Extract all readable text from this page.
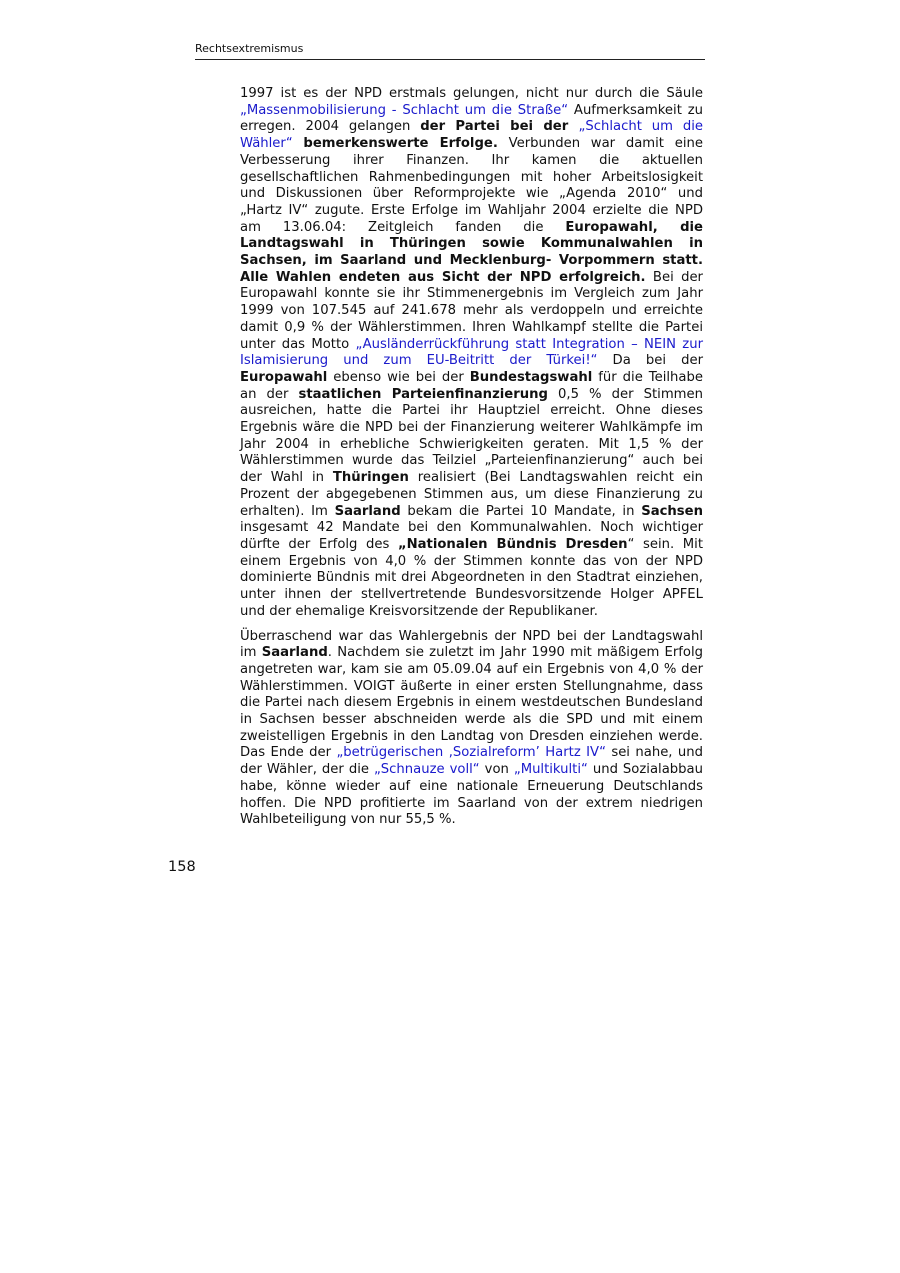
Rechtsextremismus

1997 ist es der NPD erstmals gelungen, nicht nur durch die Säule „Massenmobilisierung - Schlacht um die Straße“ Aufmerksamkeit zu erregen. 2004 gelangen der Partei bei der „Schlacht um die Wähler“ bemerkenswerte Erfolge. Verbunden war damit eine Verbesserung ihrer Finanzen. Ihr kamen die aktuellen gesellschaftlichen Rahmenbedingungen mit hoher Arbeitslosigkeit und Diskussionen über Reformprojekte wie „Agenda 2010“ und „Hartz IV“ zugute. Erste Erfolge im Wahljahr 2004 erzielte die NPD am 13.06.04: Zeitgleich fanden die Europawahl, die Landtagswahl in Thüringen sowie Kommunalwahlen in Sachsen, im Saarland und Mecklenburg- Vorpommern statt. Alle Wahlen endeten aus Sicht der NPD erfolgreich. Bei der Europawahl konnte sie ihr Stimmenergebnis im Vergleich zum Jahr 1999 von 107.545 auf 241.678 mehr als verdoppeln und erreichte damit 0,9 % der Wählerstimmen. Ihren Wahlkampf stellte die Partei unter das Motto „Ausländerrückführung statt Integration – NEIN zur Islamisierung und zum EU-Beitritt der Türkei!“ Da bei der Europawahl ebenso wie bei der Bundestagswahl für die Teilhabe an der staatlichen Parteienfinanzierung 0,5 % der Stimmen ausreichen, hatte die Partei ihr Hauptziel erreicht. Ohne dieses Ergebnis wäre die NPD bei der Finanzierung weiterer Wahlkämpfe im Jahr 2004 in erhebliche Schwierigkeiten geraten. Mit 1,5 % der Wählerstimmen wurde das Teilziel „Parteienfinanzierung“ auch bei der Wahl in Thüringen realisiert (Bei Landtagswahlen reicht ein Prozent der abgegebenen Stimmen aus, um diese Finanzierung zu erhalten). Im Saarland bekam die Partei 10 Mandate, in Sachsen insgesamt 42 Mandate bei den Kommunalwahlen. Noch wichtiger dürfte der Erfolg des „Nationalen Bündnis Dresden“ sein. Mit einem Ergebnis von 4,0 % der Stimmen konnte das von der NPD dominierte Bündnis mit drei Abgeordneten in den Stadtrat einziehen, unter ihnen der stellvertretende Bundesvorsitzende Holger APFEL und der ehemalige Kreisvorsitzende der Republikaner.

Überraschend war das Wahlergebnis der NPD bei der Landtagswahl im Saarland. Nachdem sie zuletzt im Jahr 1990 mit mäßigem Erfolg angetreten war, kam sie am 05.09.04 auf ein Ergebnis von 4,0 % der Wählerstimmen. VOIGT äußerte in einer ersten Stellungnahme, dass die Partei nach diesem Ergebnis in einem westdeutschen Bundesland in Sachsen besser abschneiden werde als die SPD und mit einem zweistelligen Ergebnis in den Landtag von Dresden einziehen werde. Das Ende der „betrügerischen ‚Sozialreform’ Hartz IV“ sei nahe, und der Wähler, der die „Schnauze voll“ von „Multikulti“ und Sozialabbau habe, könne wieder auf eine nationale Erneuerung Deutschlands hoffen. Die NPD profitierte im Saarland von der extrem niedrigen Wahlbeteiligung von nur 55,5 %.

158
